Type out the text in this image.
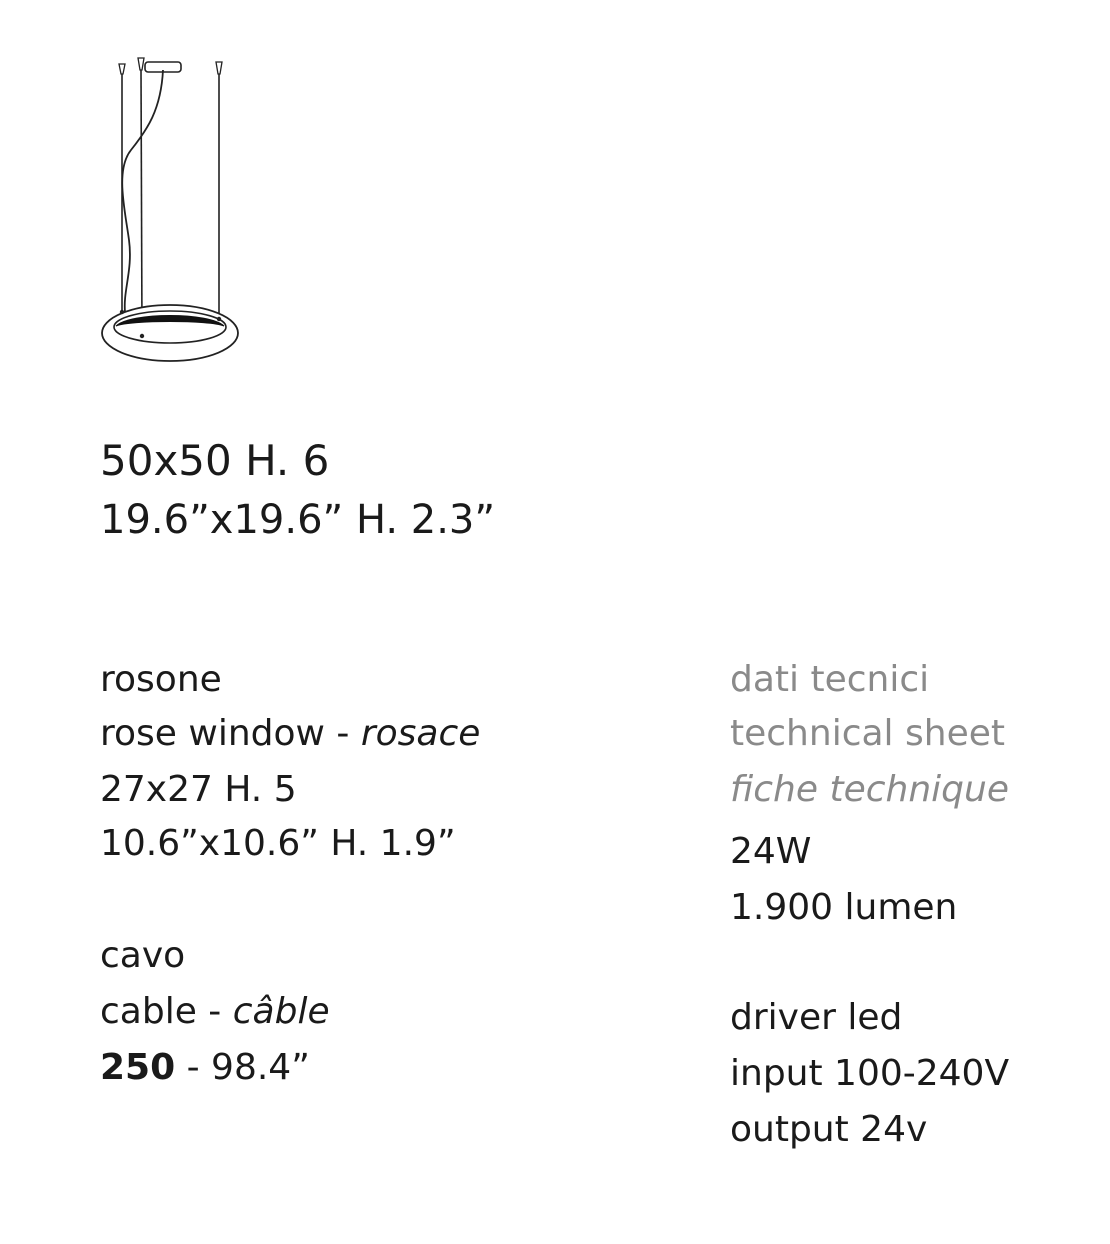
50x50 H. 6
19.6”x19.6” H. 2.3”
rosone
rose window - rosace
27x27 H. 5
10.6”x10.6” H. 1.9”
cavo
cable - câble
250 - 98.4”
dati tecnici
technical sheet
fiche technique
24W
1.900 lumen
driver led
input 100-240V
output 24v
